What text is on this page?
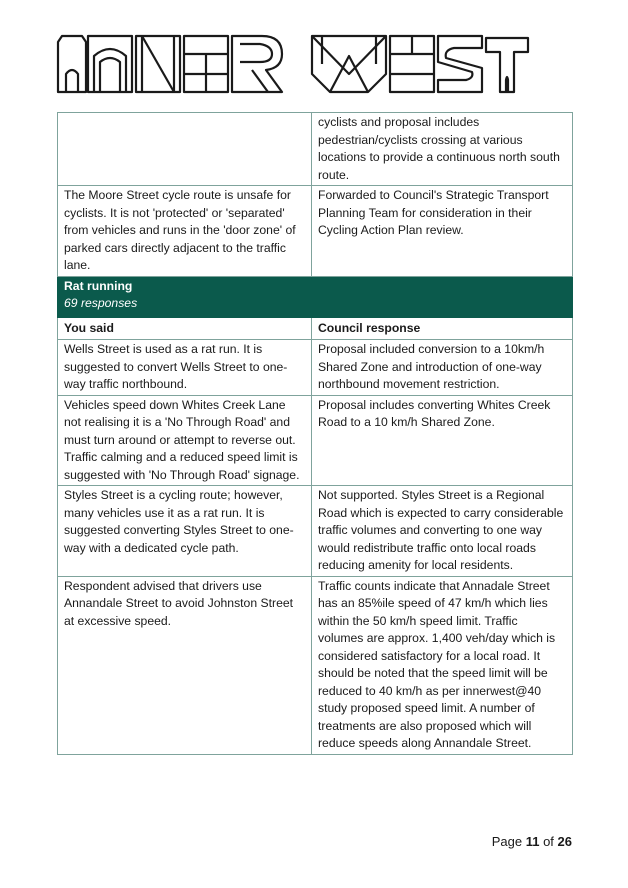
	cyclists and proposal includes pedestrian/cyclists crossing at various locations to provide a continuous north south route.
The Moore Street cycle route is unsafe for cyclists. It is not 'protected' or 'separated' from vehicles and runs in the 'door zone' of parked cars directly adjacent to the traffic lane.	Forwarded to Council's Strategic Transport Planning Team for consideration in their Cycling Action Plan review.

Rat running
69 responses	

You said	Council response
Wells Street is used as a rat run. It is suggested to convert Wells Street to one-way traffic northbound.	Proposal included conversion to a 10km/h Shared Zone and introduction of one-way northbound movement restriction.
Vehicles speed down Whites Creek Lane not realising it is a 'No Through Road' and must turn around or attempt to reverse out. Traffic calming and a reduced speed limit is suggested with 'No Through Road' signage.	Proposal includes converting Whites Creek Road to a 10 km/h Shared Zone.
Styles Street is a cycling route; however, many vehicles use it as a rat run. It is suggested converting Styles Street to one-way with a dedicated cycle path.	Not supported. Styles Street is a Regional Road which is expected to carry considerable traffic volumes and converting to one way would redistribute traffic onto local roads reducing amenity for local residents.
Respondent advised that drivers use Annandale Street to avoid Johnston Street at excessive speed.	Traffic counts indicate that Annadale Street has an 85%ile speed of 47 km/h which lies within the 50 km/h speed limit. Traffic volumes are approx. 1,400 veh/day which is considered satisfactory for a local road. It should be noted that the speed limit will be reduced to 40 km/h as per innerwest@40 study proposed speed limit. A number of treatments are also proposed which will reduce speeds along Annandale Street.
Page 11 of 26
